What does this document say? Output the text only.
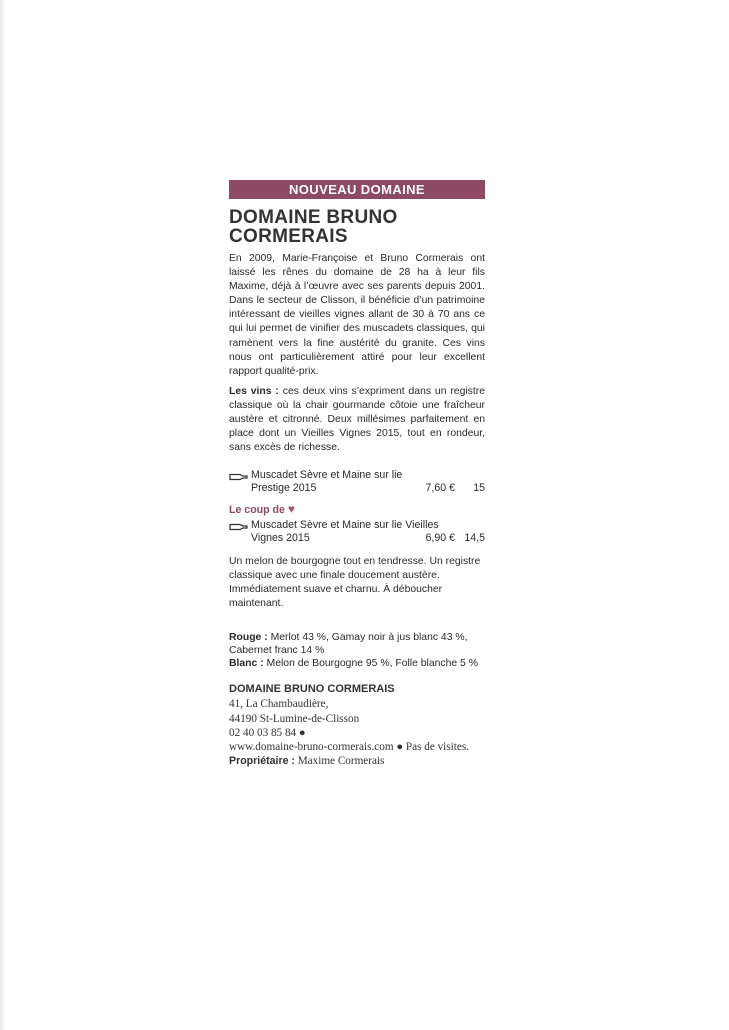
NOUVEAU DOMAINE
DOMAINE BRUNO
CORMERAIS

En 2009, Marie-Françoise et Bruno Cormerais ont laissé les rênes du domaine de 28 ha à leur fils Maxime, déjà à l’œuvre avec ses parents depuis 2001. Dans le secteur de Clisson, il bénéficie d’un patrimoine intéressant de vieilles vignes allant de 30 à 70 ans ce qui lui permet de vinifier des muscadets classiques, qui ramènent vers la fine austérité du granite. Ces vins nous ont particulièrement attiré pour leur excellent rapport qualité-prix.

Les vins : ces deux vins s’expriment dans un registre classique où la chair gourmande côtoie une fraîcheur austère et citronné. Deux millésimes parfaitement en place dont un Vieilles Vignes 2015, tout en rondeur, sans excès de richesse.

Muscadet Sèvre et Maine sur lie
Prestige 2015	7,60 €	15
Le coup de ♥
Muscadet Sèvre et Maine sur lie Vieilles
Vignes 2015	6,90 € 14,5

Un melon de bourgogne tout en tendresse. Un registre classique avec une finale doucement austère. Immédiatement suave et charnu. À déboucher maintenant.

Rouge : Merlot 43 %, Gamay noir à jus blanc 43 %, Cabernet franc 14 %
Blanc : Melon de Bourgogne 95 %, Folle blanche 5 %
DOMAINE BRUNO CORMERAIS
41, La Chambaudière,
44190 St-Lumine-de-Clisson
02 40 03 85 84 ●
www.domaine-bruno-cormerais.com ● Pas de visites.
Propriétaire : Maxime Cormerais
